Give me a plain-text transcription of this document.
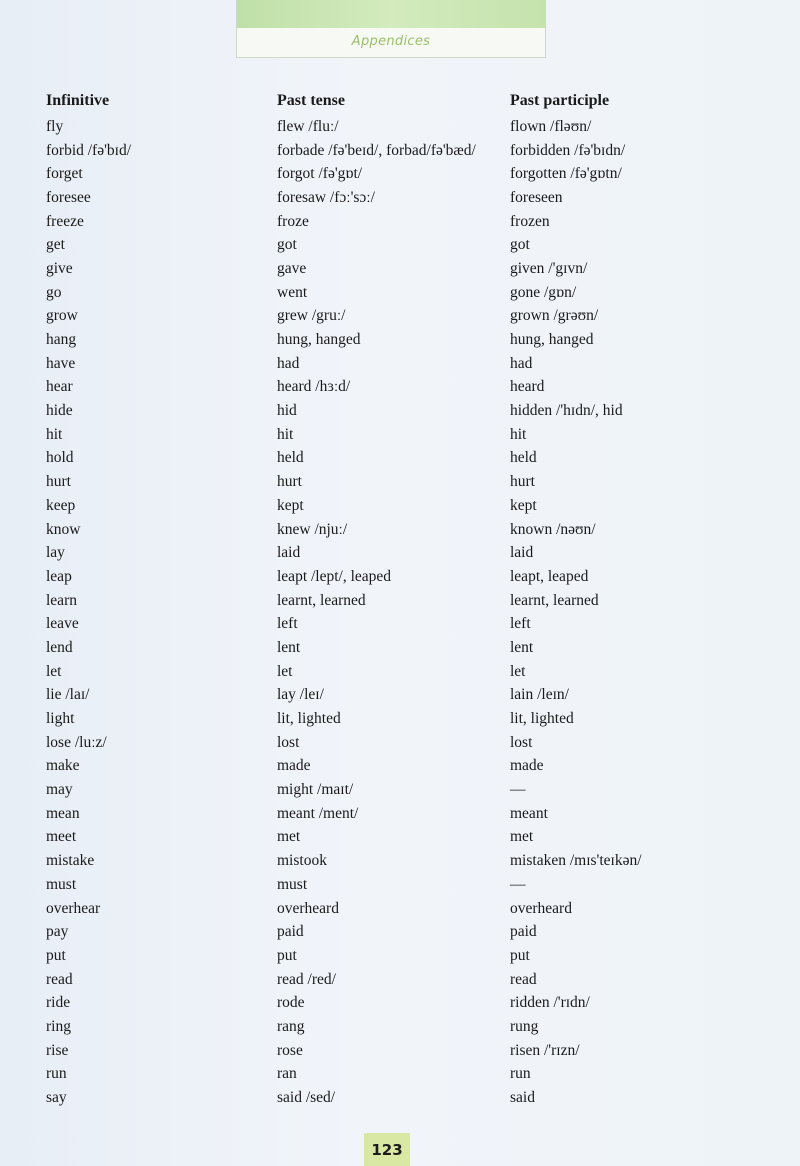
Appendices
Infinitive	Past tense	Past participle
fly	flew /fluː/	flown /fləʊn/
forbid /fə'bɪd/	forbade /fə'beɪd/, forbad/fə'bæd/	forbidden /fə'bɪdn/
forget	forgot /fə'gɒt/	forgotten /fə'gɒtn/
foresee	foresaw /fɔː'sɔː/	foreseen
freeze	froze	frozen
get	got	got
give	gave	given /'gɪvn/
go	went	gone /gɒn/
grow	grew /gruː/	grown /grəʊn/
hang	hung, hanged	hung, hanged
have	had	had
hear	heard /hɜːd/	heard
hide	hid	hidden /'hɪdn/, hid
hit	hit	hit
hold	held	held
hurt	hurt	hurt
keep	kept	kept
know	knew /njuː/	known /nəʊn/
lay	laid	laid
leap	leapt /lept/, leaped	leapt, leaped
learn	learnt, learned	learnt, learned
leave	left	left
lend	lent	lent
let	let	let
lie /laɪ/	lay /leɪ/	lain /leɪn/
light	lit, lighted	lit, lighted
lose /luːz/	lost	lost
make	made	made
may	might /maɪt/	—
mean	meant /ment/	meant
meet	met	met
mistake	mistook	mistaken /mɪs'teɪkən/
must	must	—
overhear	overheard	overheard
pay	paid	paid
put	put	put
read	read /red/	read
ride	rode	ridden /'rɪdn/
ring	rang	rung
rise	rose	risen /'rɪzn/
run	ran	run
say	said /sed/	said
123
